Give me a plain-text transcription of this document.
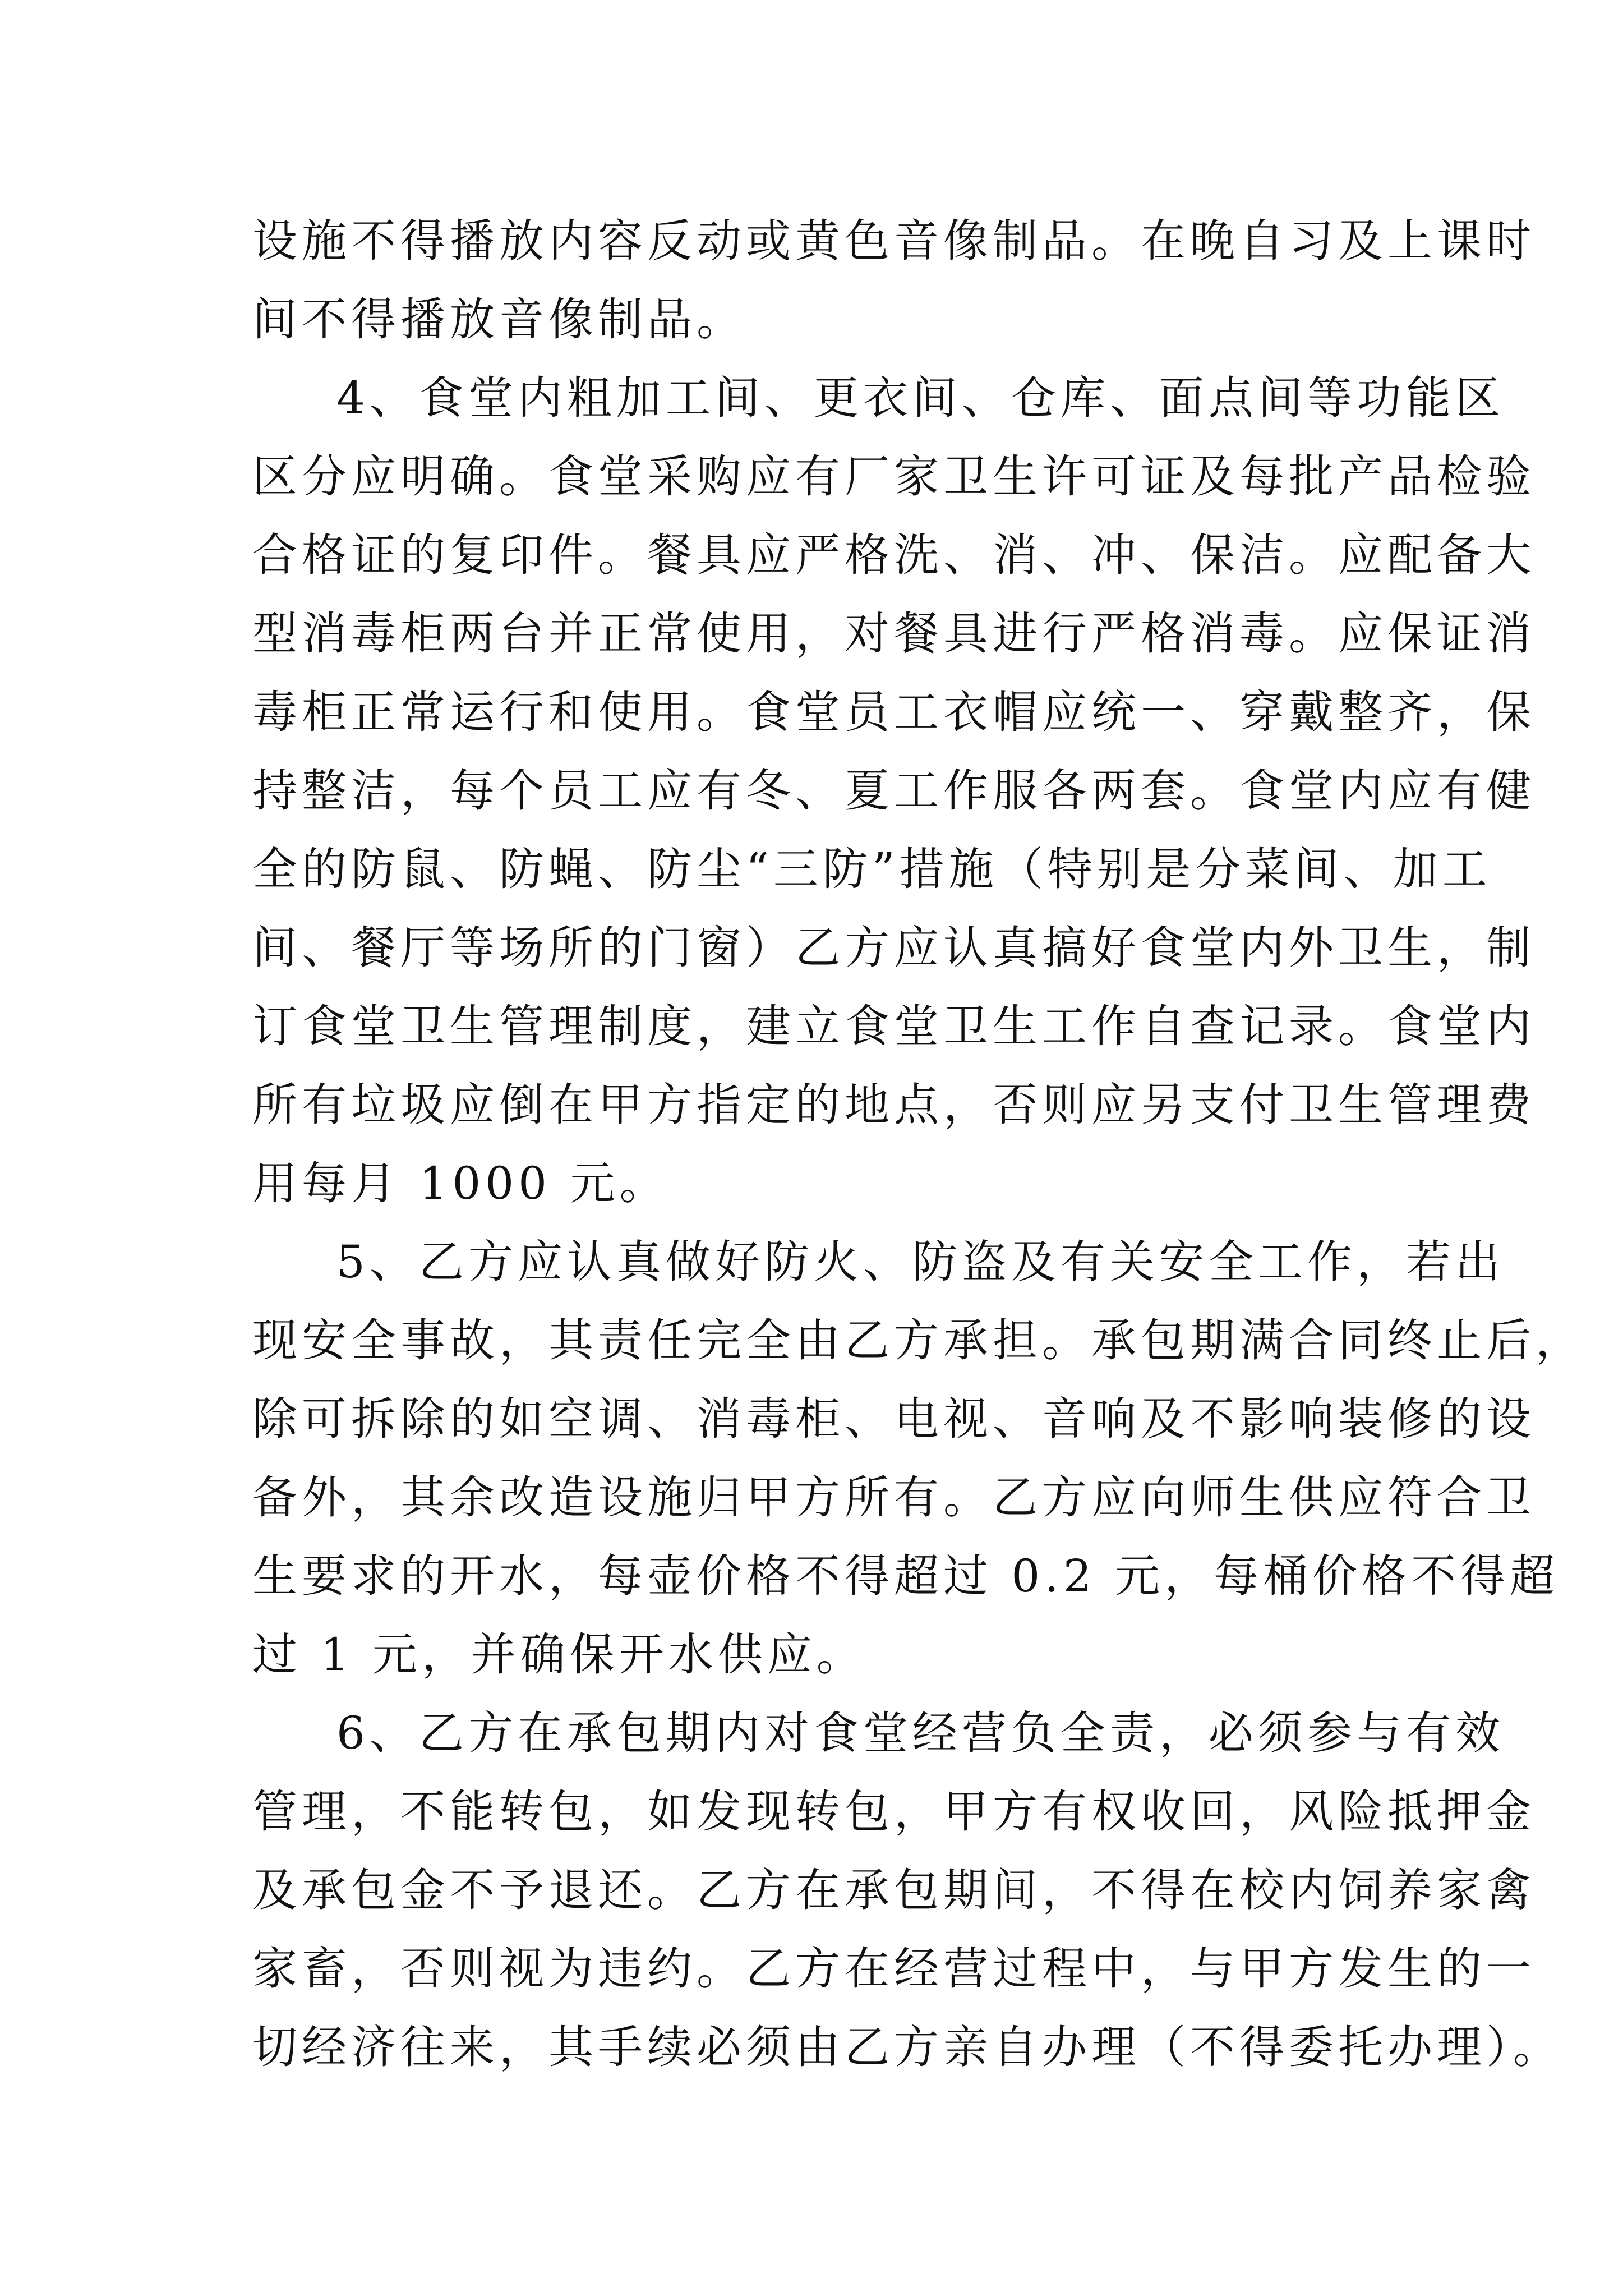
设施不得播放内容反动或黄色音像制品。在晚自习及上课时
间不得播放音像制品。
4、食堂内粗加工间、更衣间、仓库、面点间等功能区
区分应明确。食堂采购应有厂家卫生许可证及每批产品检验
合格证的复印件。餐具应严格洗、消、冲、保洁。应配备大
型消毒柜两台并正常使用，对餐具进行严格消毒。应保证消
毒柜正常运行和使用。食堂员工衣帽应统一、穿戴整齐，保
持整洁，每个员工应有冬、夏工作服各两套。食堂内应有健
全的防鼠、防蝇、防尘“三防”措施（特别是分菜间、加工
间、餐厅等场所的门窗）乙方应认真搞好食堂内外卫生，制
订食堂卫生管理制度，建立食堂卫生工作自查记录。食堂内
所有垃圾应倒在甲方指定的地点，否则应另支付卫生管理费
用每月 1000 元。
5、乙方应认真做好防火、防盗及有关安全工作，若出
现安全事故，其责任完全由乙方承担。承包期满合同终止后，
除可拆除的如空调、消毒柜、电视、音响及不影响装修的设
备外，其余改造设施归甲方所有。乙方应向师生供应符合卫
生要求的开水，每壶价格不得超过 0.2 元，每桶价格不得超
过 1 元，并确保开水供应。
6、乙方在承包期内对食堂经营负全责，必须参与有效
管理，不能转包，如发现转包，甲方有权收回，风险抵押金
及承包金不予退还。乙方在承包期间，不得在校内饲养家禽
家畜，否则视为违约。乙方在经营过程中，与甲方发生的一
切经济往来，其手续必须由乙方亲自办理（不得委托办理）。
